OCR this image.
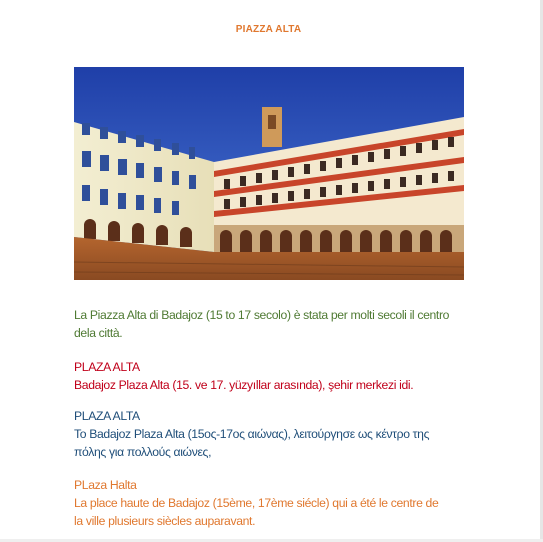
PIAZZA ALTA

La Piazza Alta di Badajoz (15 to 17 secolo) è stata per molti secoli il centro

dela città.

PLAZA ALTA

Badajoz Plaza Alta (15. ve 17. yüzyıllar arasında), şehir merkezi idi.

PLAZA ALTA

To Badajoz Plaza Alta (15ος-17ος αιώνας), λειτούργησε ως κέντρο της

πόλης για πολλούς αιώνες,

PLaza Halta

La place haute de Badajoz (15ème, 17ème siécle) qui a été le centre de

la ville plusieurs siècles auparavant.
